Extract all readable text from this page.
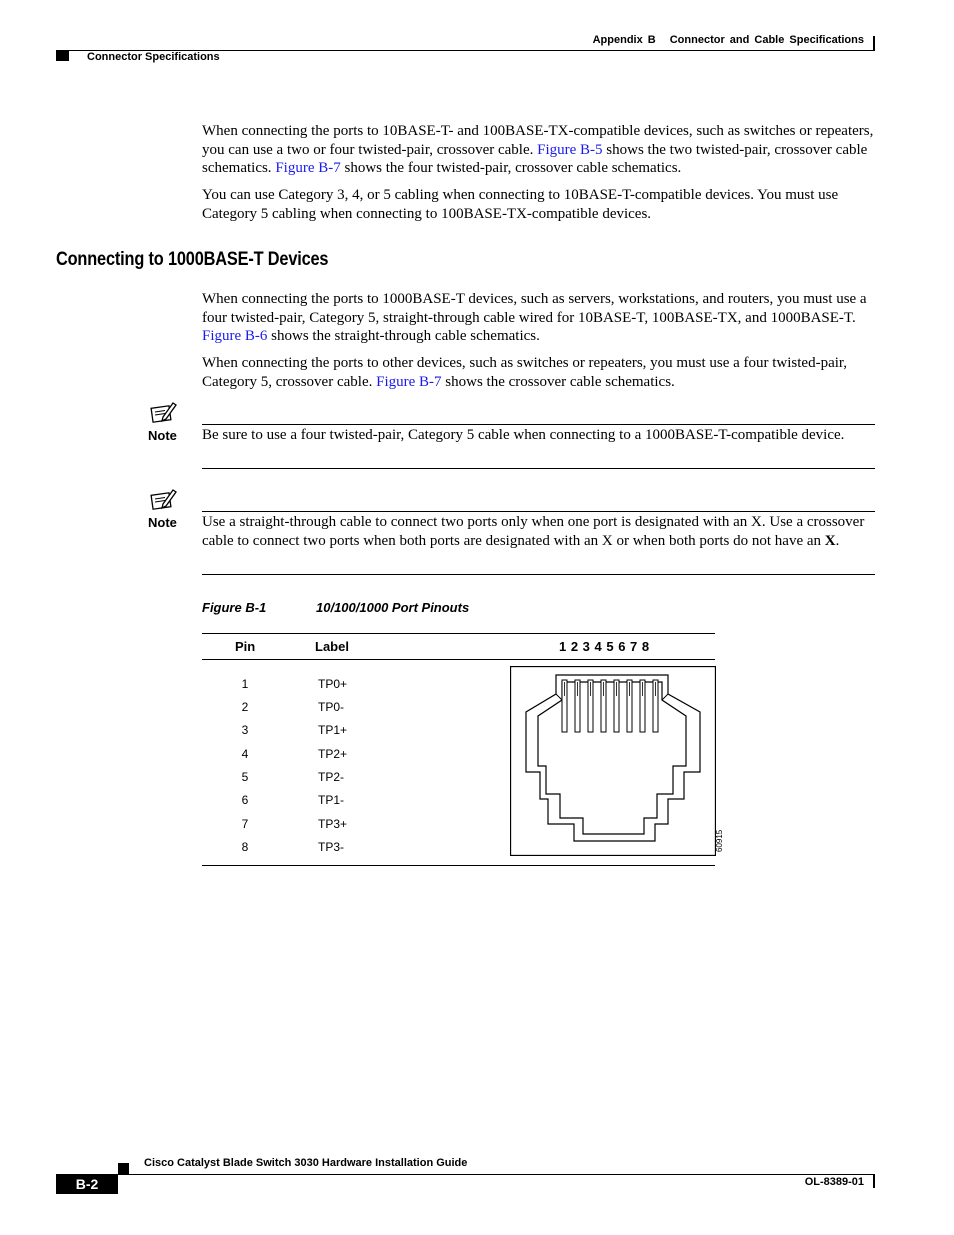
Appendix B Connector and Cable Specifications
Connector Specifications

When connecting the ports to 10BASE-T- and 100BASE-TX-compatible devices, such as switches or repeaters, you can use a two or four twisted-pair, crossover cable. Figure B-5 shows the two twisted-pair, crossover cable schematics. Figure B-7 shows the four twisted-pair, crossover cable schematics.

You can use Category 3, 4, or 5 cabling when connecting to 10BASE-T-compatible devices. You must use Category 5 cabling when connecting to 100BASE-TX-compatible devices.

Connecting to 1000BASE-T Devices

When connecting the ports to 1000BASE-T devices, such as servers, workstations, and routers, you must use a four twisted-pair, Category 5, straight-through cable wired for 10BASE-T, 100BASE-TX, and 1000BASE-T. Figure B-6 shows the straight-through cable schematics.

When connecting the ports to other devices, such as switches or repeaters, you must use a four twisted-pair, Category 5, crossover cable. Figure B-7 shows the crossover cable schematics.

Note Be sure to use a four twisted-pair, Category 5 cable when connecting to a 1000BASE-T-compatible device.
Note Use a straight-through cable to connect two ports only when one port is designated with an X. Use a crossover cable to connect two ports when both ports are designated with an X or when both ports do not have an X.
Figure B-1	10/100/1000 Port Pinouts
Pin	Label	1 2 3 4 5 6 7 8
1	TP0+
2	TP0-
3	TP1+
4	TP2+
5	TP2-
6	TP1-
7	TP3+
8	TP3-	60915
Cisco Catalyst Blade Switch 3030 Hardware Installation Guide
B-2	OL-8389-01
